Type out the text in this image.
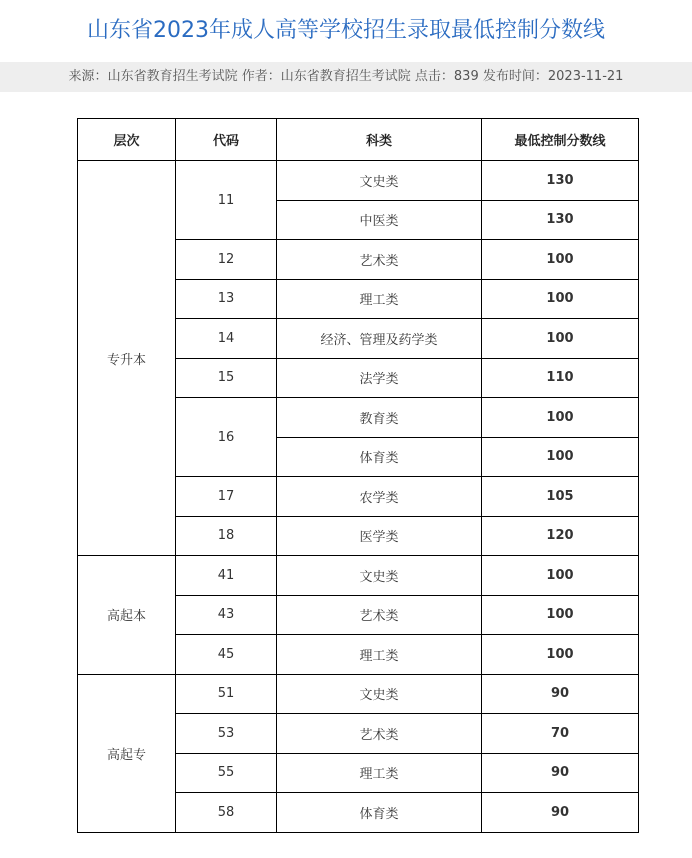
山东省2023年成人高等学校招生录取最低控制分数线
来源：山东省教育招生考试院 作者：山东省教育招生考试院 点击：839 发布时间：2023-11-21
层次	代码	科类	最低控制分数线
专升本	11	文史类	130
		中医类	130
	12	艺术类	100
	13	理工类	100
	14	经济、管理及药学类	100
	15	法学类	110
	16	教育类	100
		体育类	100
	17	农学类	105
	18	医学类	120
高起本	41	文史类	100
	43	艺术类	100
	45	理工类	100
高起专	51	文史类	90
	53	艺术类	70
	55	理工类	90
	58	体育类	90
